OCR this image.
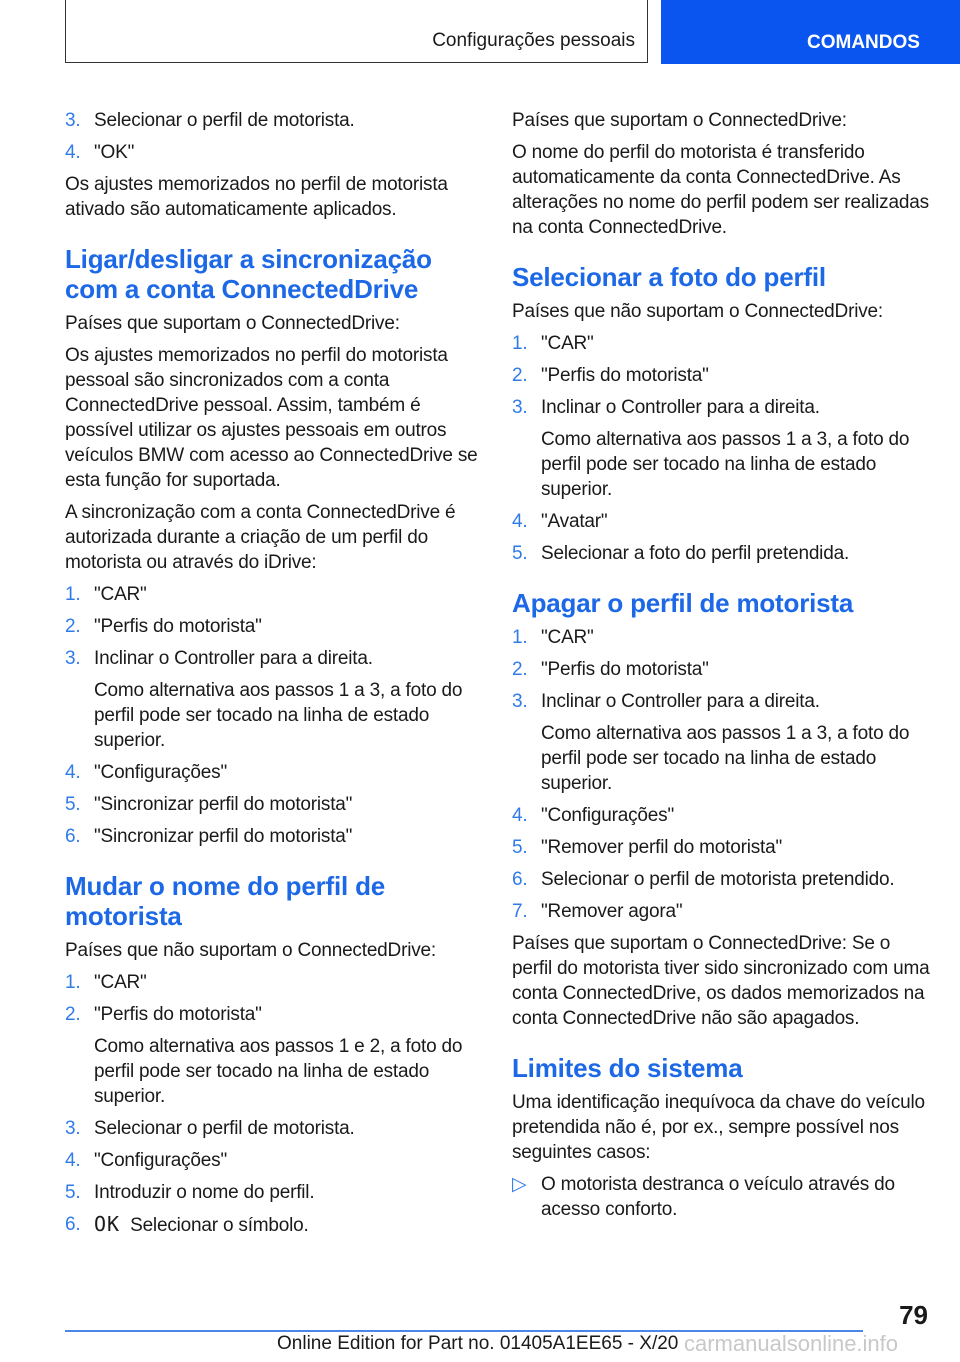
Configurações pessoais	COMANDOS
3. Selecionar o perfil de motorista.
4. "OK"
Os ajustes memorizados no perfil de motorista ativado são automaticamente aplicados.
Ligar/desligar a sincronização com a conta ConnectedDrive
Países que suportam o ConnectedDrive:
Os ajustes memorizados no perfil do motorista pessoal são sincronizados com a conta ConnectedDrive pessoal. Assim, também é possível utilizar os ajustes pessoais em outros veículos BMW com acesso ao ConnectedDrive se esta função for suportada.
A sincronização com a conta ConnectedDrive é autorizada durante a criação de um perfil do motorista ou através do iDrive:
1. "CAR"
2. "Perfis do motorista"
3. Inclinar o Controller para a direita.
Como alternativa aos passos 1 a 3, a foto do perfil pode ser tocado na linha de estado superior.
4. "Configurações"
5. "Sincronizar perfil do motorista"
6. "Sincronizar perfil do motorista"
Mudar o nome do perfil de motorista
Países que não suportam o ConnectedDrive:
1. "CAR"
2. "Perfis do motorista"
Como alternativa aos passos 1 e 2, a foto do perfil pode ser tocado na linha de estado superior.
3. Selecionar o perfil de motorista.
4. "Configurações"
5. Introduzir o nome do perfil.
6. OK Selecionar o símbolo.
Países que suportam o ConnectedDrive:
O nome do perfil do motorista é transferido automaticamente da conta ConnectedDrive. As alterações no nome do perfil podem ser realizadas na conta ConnectedDrive.
Selecionar a foto do perfil
Países que não suportam o ConnectedDrive:
1. "CAR"
2. "Perfis do motorista"
3. Inclinar o Controller para a direita.
Como alternativa aos passos 1 a 3, a foto do perfil pode ser tocado na linha de estado superior.
4. "Avatar"
5. Selecionar a foto do perfil pretendida.
Apagar o perfil de motorista
1. "CAR"
2. "Perfis do motorista"
3. Inclinar o Controller para a direita.
Como alternativa aos passos 1 a 3, a foto do perfil pode ser tocado na linha de estado superior.
4. "Configurações"
5. "Remover perfil do motorista"
6. Selecionar o perfil de motorista pretendido.
7. "Remover agora"
Países que suportam o ConnectedDrive: Se o perfil do motorista tiver sido sincronizado com uma conta ConnectedDrive, os dados memorizados na conta ConnectedDrive não são apagados.
Limites do sistema
Uma identificação inequívoca da chave do veículo pretendida não é, por ex., sempre possível nos seguintes casos:
▷ O motorista destranca o veículo através do acesso conforto.
79
Online Edition for Part no. 01405A1EE65 - X/20 carmanualsonline.info
